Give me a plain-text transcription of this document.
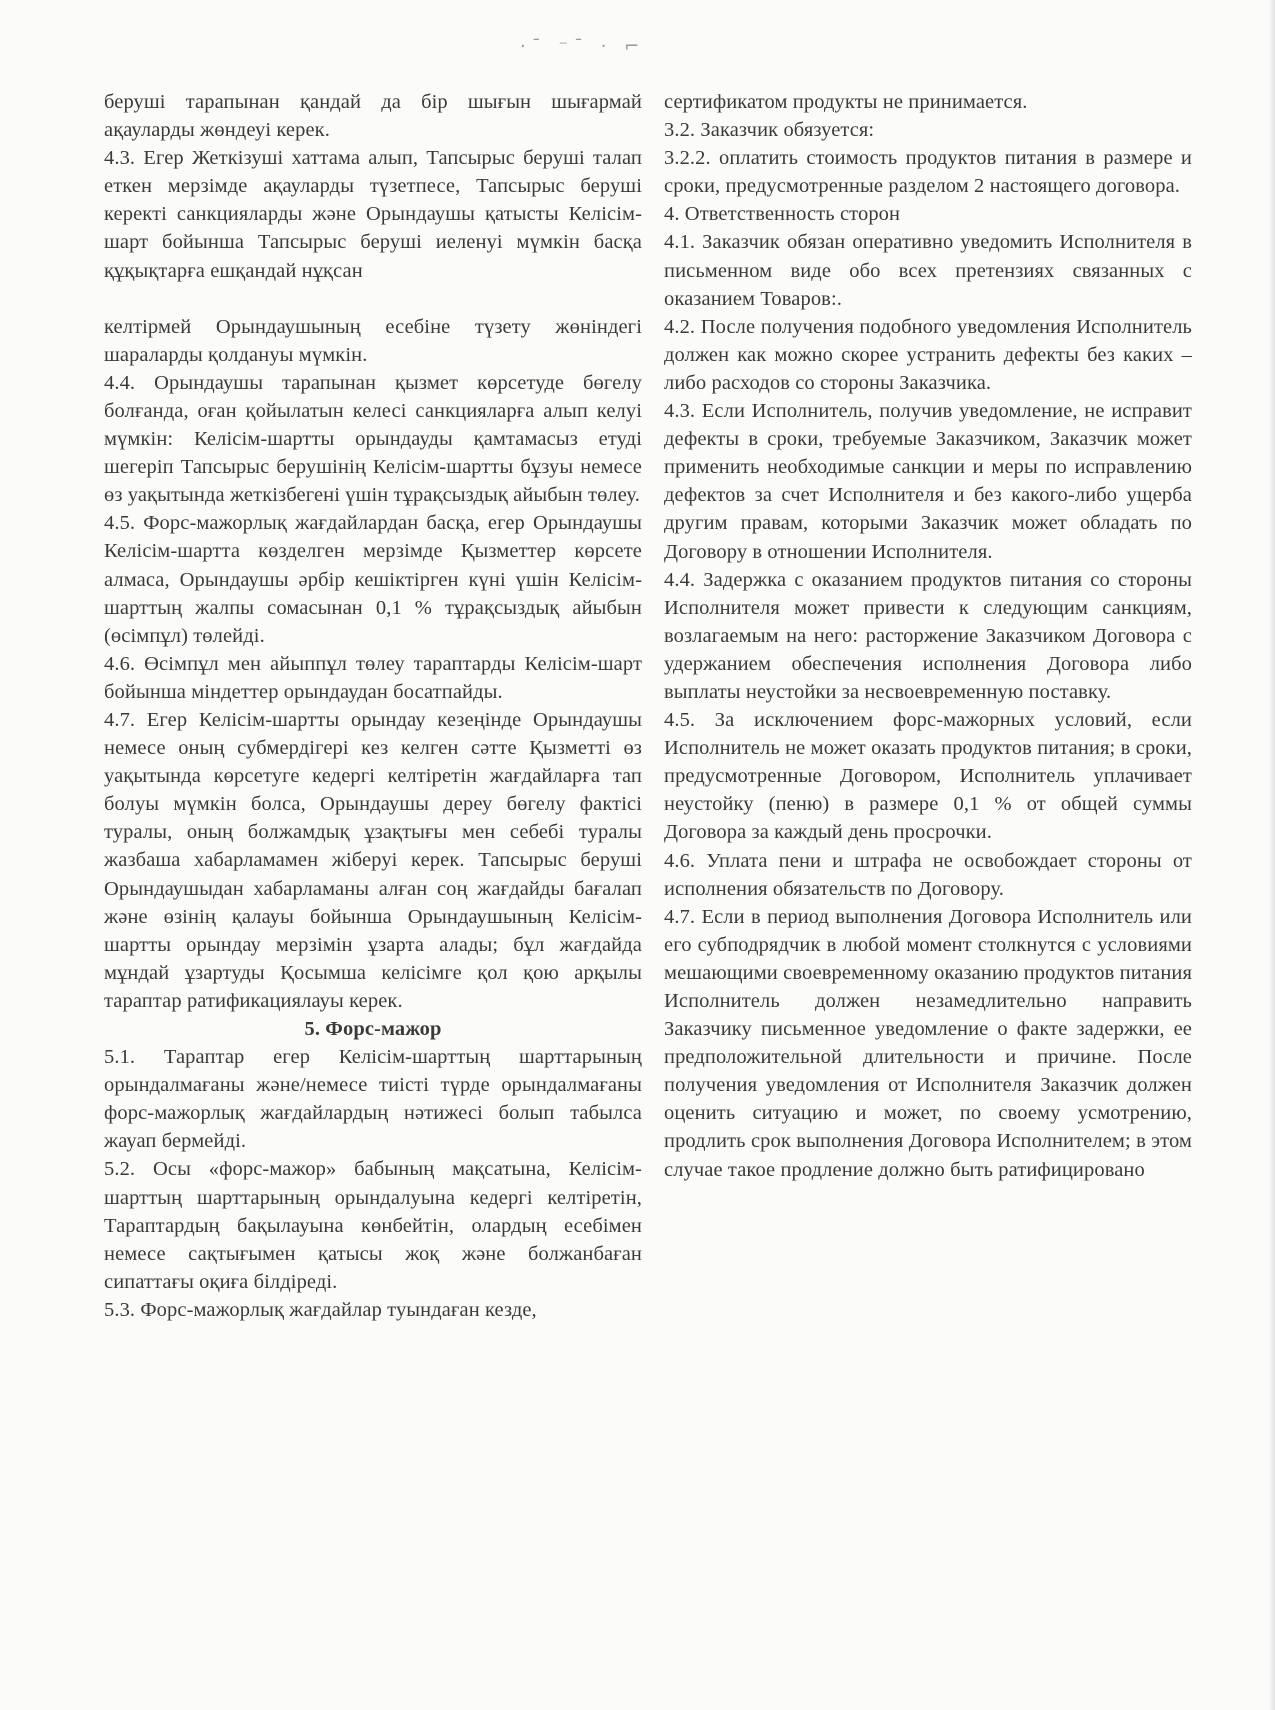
·ˉ ⁻ˉ · ⌐

беруші тарапынан қандай да бір шығын шығармай ақауларды жөндеуі керек.

4.3. Егер Жеткізуші хаттама алып, Тапсырыс беруші талап еткен мерзімде ақауларды түзетпесе, Тапсырыс беруші керекті санкцияларды және Орындаушы қатысты Келісім-шарт бойынша Тапсырыс беруші иеленуі мүмкін басқа құқықтарға ешқандай нұқсан

келтірмей Орындаушының есебіне түзету жөніндегі шараларды қолдануы мүмкін.

4.4. Орындаушы тарапынан қызмет көрсетуде бөгелу болғанда, оған қойылатын келесі санкцияларға алып келуі мүмкін: Келісім-шартты орындауды қамтамасыз етуді шегеріп Тапсырыс берушінің Келісім-шартты бұзуы немесе өз уақытында жеткізбегені үшін тұрақсыздық айыбын төлеу.

4.5. Форс-мажорлық жағдайлардан басқа, егер Орындаушы Келісім-шартта көзделген мерзімде Қызметтер көрсете алмаса, Орындаушы әрбір кешіктірген күні үшін Келісім-шарттың жалпы сомасынан 0,1 % тұрақсыздық айыбын (өсімпұл) төлейді.

4.6. Өсімпұл мен айыппұл төлеу тараптарды Келісім-шарт бойынша міндеттер орындаудан босатпайды.

4.7. Егер Келісім-шартты орындау кезеңінде Орындаушы немесе оның субмердігері кез келген сәтте Қызметті өз уақытында көрсетуге кедергі келтіретін жағдайларға тап болуы мүмкін болса, Орындаушы дереу бөгелу фактісі туралы, оның болжамдық ұзақтығы мен себебі туралы жазбаша хабарламамен жіберуі керек. Тапсырыс беруші Орындаушыдан хабарламаны алған соң жағдайды бағалап және өзінің қалауы бойынша Орындаушының Келісім-шартты орындау мерзімін ұзарта алады; бұл жағдайда мұндай ұзартуды Қосымша келісімге қол қою арқылы тараптар ратификациялауы керек.

5. Форс-мажор

5.1. Тараптар егер Келісім-шарттың шарттарының орындалмағаны және/немесе тиісті түрде орындалмағаны форс-мажорлық жағдайлардың нәтижесі болып табылса жауап бермейді.

5.2. Осы «форс-мажор» бабының мақсатына, Келісім-шарттың шарттарының орындалуына кедергі келтіретін, Тараптардың бақылауына көнбейтін, олардың есебімен немесе сақтығымен қатысы жоқ және болжанбаған сипаттағы оқиға білдіреді.

5.3. Форс-мажорлық жағдайлар туындаған кезде,

сертификатом продукты не принимается.

3.2. Заказчик обязуется:

3.2.2. оплатить стоимость продуктов питания в размере и сроки, предусмотренные разделом 2 настоящего договора.

4. Ответственность сторон

4.1. Заказчик обязан оперативно уведомить Исполнителя в письменном виде обо всех претензиях связанных с оказанием Товаров:.

4.2. После получения подобного уведомления Исполнитель должен как можно скорее устранить дефекты без каких – либо расходов со стороны Заказчика.

4.3. Если Исполнитель, получив уведомление, не исправит дефекты в сроки, требуемые Заказчиком, Заказчик может применить необходимые санкции и меры по исправлению дефектов за счет Исполнителя и без какого-либо ущерба другим правам, которыми Заказчик может обладать по Договору в отношении Исполнителя.

4.4. Задержка с оказанием продуктов питания со стороны Исполнителя может привести к следующим санкциям, возлагаемым на него: расторжение Заказчиком Договора с удержанием обеспечения исполнения Договора либо выплаты неустойки за несвоевременную поставку.

4.5. За исключением форс-мажорных условий, если Исполнитель не может оказать продуктов питания; в сроки, предусмотренные Договором, Исполнитель уплачивает неустойку (пеню) в размере 0,1 % от общей суммы Договора за каждый день просрочки.

4.6. Уплата пени и штрафа не освобождает стороны от исполнения обязательств по Договору.

4.7. Если в период выполнения Договора Исполнитель или его субподрядчик в любой момент столкнутся с условиями мешающими своевременному оказанию продуктов питания Исполнитель должен незамедлительно направить Заказчику письменное уведомление о факте задержки, ее предположительной длительности и причине. После получения уведомления от Исполнителя Заказчик должен оценить ситуацию и может, по своему усмотрению, продлить срок выполнения Договора Исполнителем; в этом случае такое продление должно быть ратифицировано
